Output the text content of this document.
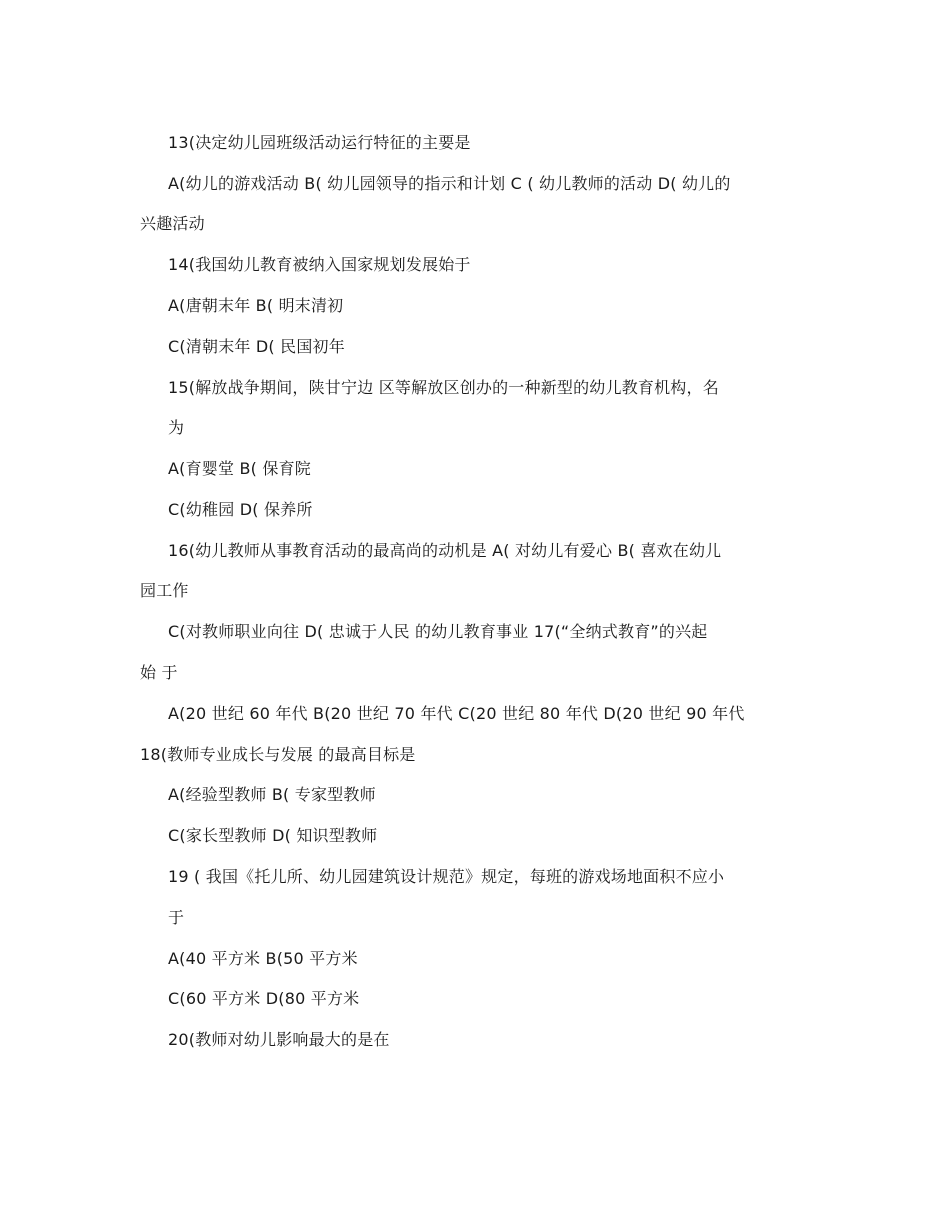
13(决定幼儿园班级活动运行特征的主要是
A(幼儿的游戏活动 B( 幼儿园领导的指示和计划 C ( 幼儿教师的活动 D( 幼儿的
兴趣活动
14(我国幼儿教育被纳入国家规划发展始于
A(唐朝末年 B( 明末清初
C(清朝末年 D( 民国初年
15(解放战争期间，陕甘宁边 区等解放区创办的一种新型的幼儿教育机构，名
为
A(育婴堂 B( 保育院
C(幼稚园 D( 保养所
16(幼儿教师从事教育活动的最高尚的动机是 A( 对幼儿有爱心 B( 喜欢在幼儿
园工作
C(对教师职业向往 D( 忠诚于人民 的幼儿教育事业 17(“全纳式教育”的兴起
始 于
A(20 世纪 60 年代 B(20 世纪 70 年代 C(20 世纪 80 年代 D(20 世纪 90 年代
18(教师专业成长与发展 的最高目标是
A(经验型教师 B( 专家型教师
C(家长型教师 D( 知识型教师
19 ( 我国《托儿所、幼儿园建筑设计规范》规定，每班的游戏场地面积不应小
于
A(40 平方米 B(50 平方米
C(60 平方米 D(80 平方米
20(教师对幼儿影响最大的是在
